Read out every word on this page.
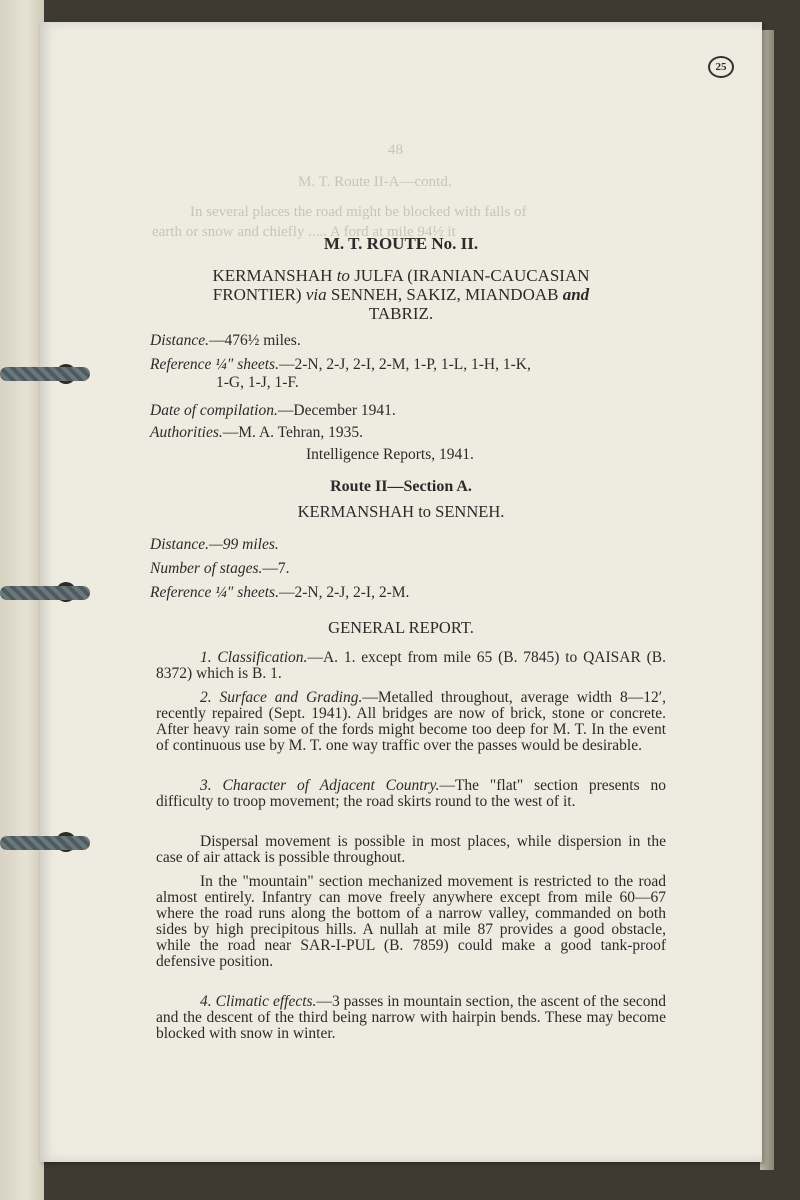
25
48
M. T. Route II-A—contd.
In several places the road might be blocked with falls of
earth or snow and chiefly ..... A ford at mile 94½ it
M. T. ROUTE No. II.
KERMANSHAH to JULFA (IRANIAN-CAUCASIAN
FRONTIER) via SENNEH, SAKIZ, MIANDOAB and
TABRIZ.
Distance.—476½ miles.
Reference ¼″ sheets.—2-N, 2-J, 2-I, 2-M, 1-P, 1-L, 1-H, 1-K,
1-G, 1-J, 1-F.
Date of compilation.—December 1941.
Authorities.—M. A. Tehran, 1935.
Intelligence Reports, 1941.
Route II—Section A.
KERMANSHAH to SENNEH.
Distance.—99 miles.
Number of stages.—7.
Reference ¼″ sheets.—2-N, 2-J, 2-I, 2-M.
GENERAL REPORT.
1. Classification.—A. 1. except from mile 65 (B. 7845) to QAISAR (B. 8372) which is B. 1.
2. Surface and Grading.—Metalled throughout, average width 8—12′, recently repaired (Sept. 1941). All bridges are now of brick, stone or concrete. After heavy rain some of the fords might become too deep for M. T. In the event of continuous use by M. T. one way traffic over the passes would be desirable.
3. Character of Adjacent Country.—The "flat" section presents no difficulty to troop movement; the road skirts round to the west of it.
Dispersal movement is possible in most places, while dispersion in the case of air attack is possible throughout.
In the "mountain" section mechanized movement is restricted to the road almost entirely. Infantry can move freely anywhere except from mile 60—67 where the road runs along the bottom of a narrow valley, commanded on both sides by high precipitous hills. A nullah at mile 87 provides a good obstacle, while the road near SAR-I-PUL (B. 7859) could make a good tank-proof defensive position.
4. Climatic effects.—3 passes in mountain section, the ascent of the second and the descent of the third being narrow with hairpin bends. These may become blocked with snow in winter.
